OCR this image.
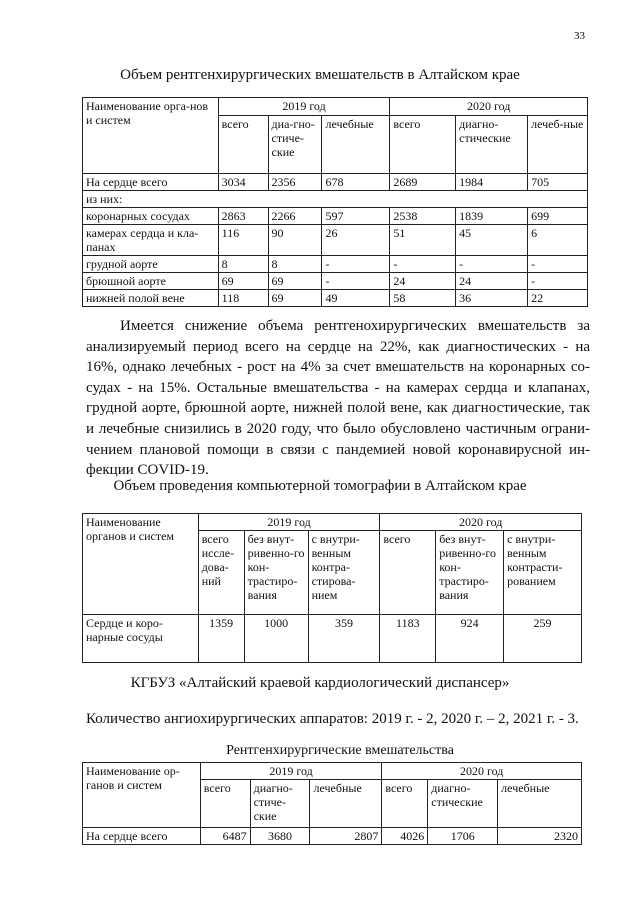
33
Объем рентгенхирургических вмешательств в Алтайском крае
Наименование орга-нов и систем	2019 год			2020 год		
	всего	диа-гно-стиче-ские	лечебные	всего	диагно-стические	лечеб-ные
На сердце всего	3034	2356	678	2689	1984	705
из них:						
коронарных сосудах	2863	2266	597	2538	1839	699
камерах сердца и кла-панах	116	90	26	51	45	6
грудной аорте	8	8	-	-	-	-
брюшной аорте	69	69	-	24	24	-
нижней полой вене	118	69	49	58	36	22

Имеется снижение объема рентгенохирургических вмешательств за анализируемый период всего на сердце на 22%, как диагностических - на 16%, однако лечебных - рост на 4% за счет вмешательств на коронарных со-судах - на 15%. Остальные вмешательства - на камерах сердца и клапанах, грудной аорте, брюшной аорте, нижней полой вене, как диагностические, так и лечебные снизились в 2020 году, что было обусловлено частичным ограни-чением плановой помощи в связи с пандемией новой коронавирусной ин-фекции COVID-19.

Объем проведения компьютерной томографии в Алтайском крае
Наименование органов и систем	2019 год			2020 год		
	всего иссле-дова-ний	без внут-ривенно-го кон-трастиро-вания	с внутри-венным контра-стирова-нием	всего	без внут-ривенно-го кон-трастиро-вания	с внутри-венным контрасти-рованием
Сердце и коро-нарные сосуды	1359	1000	359	1183	924	259
КГБУЗ «Алтайский краевой кардиологический диспансер»

Количество ангиохирургических аппаратов: 2019 г. - 2, 2020 г. – 2, 2021 г. - 3.

Рентгенхирургические вмешательства
Наименование ор-ганов и систем	2019 год			2020 год		
	всего	диагно-стиче-ские	лечебные	всего	диагно-стические	лечебные
На сердце всего	6487	3680	2807	4026	1706	2320
